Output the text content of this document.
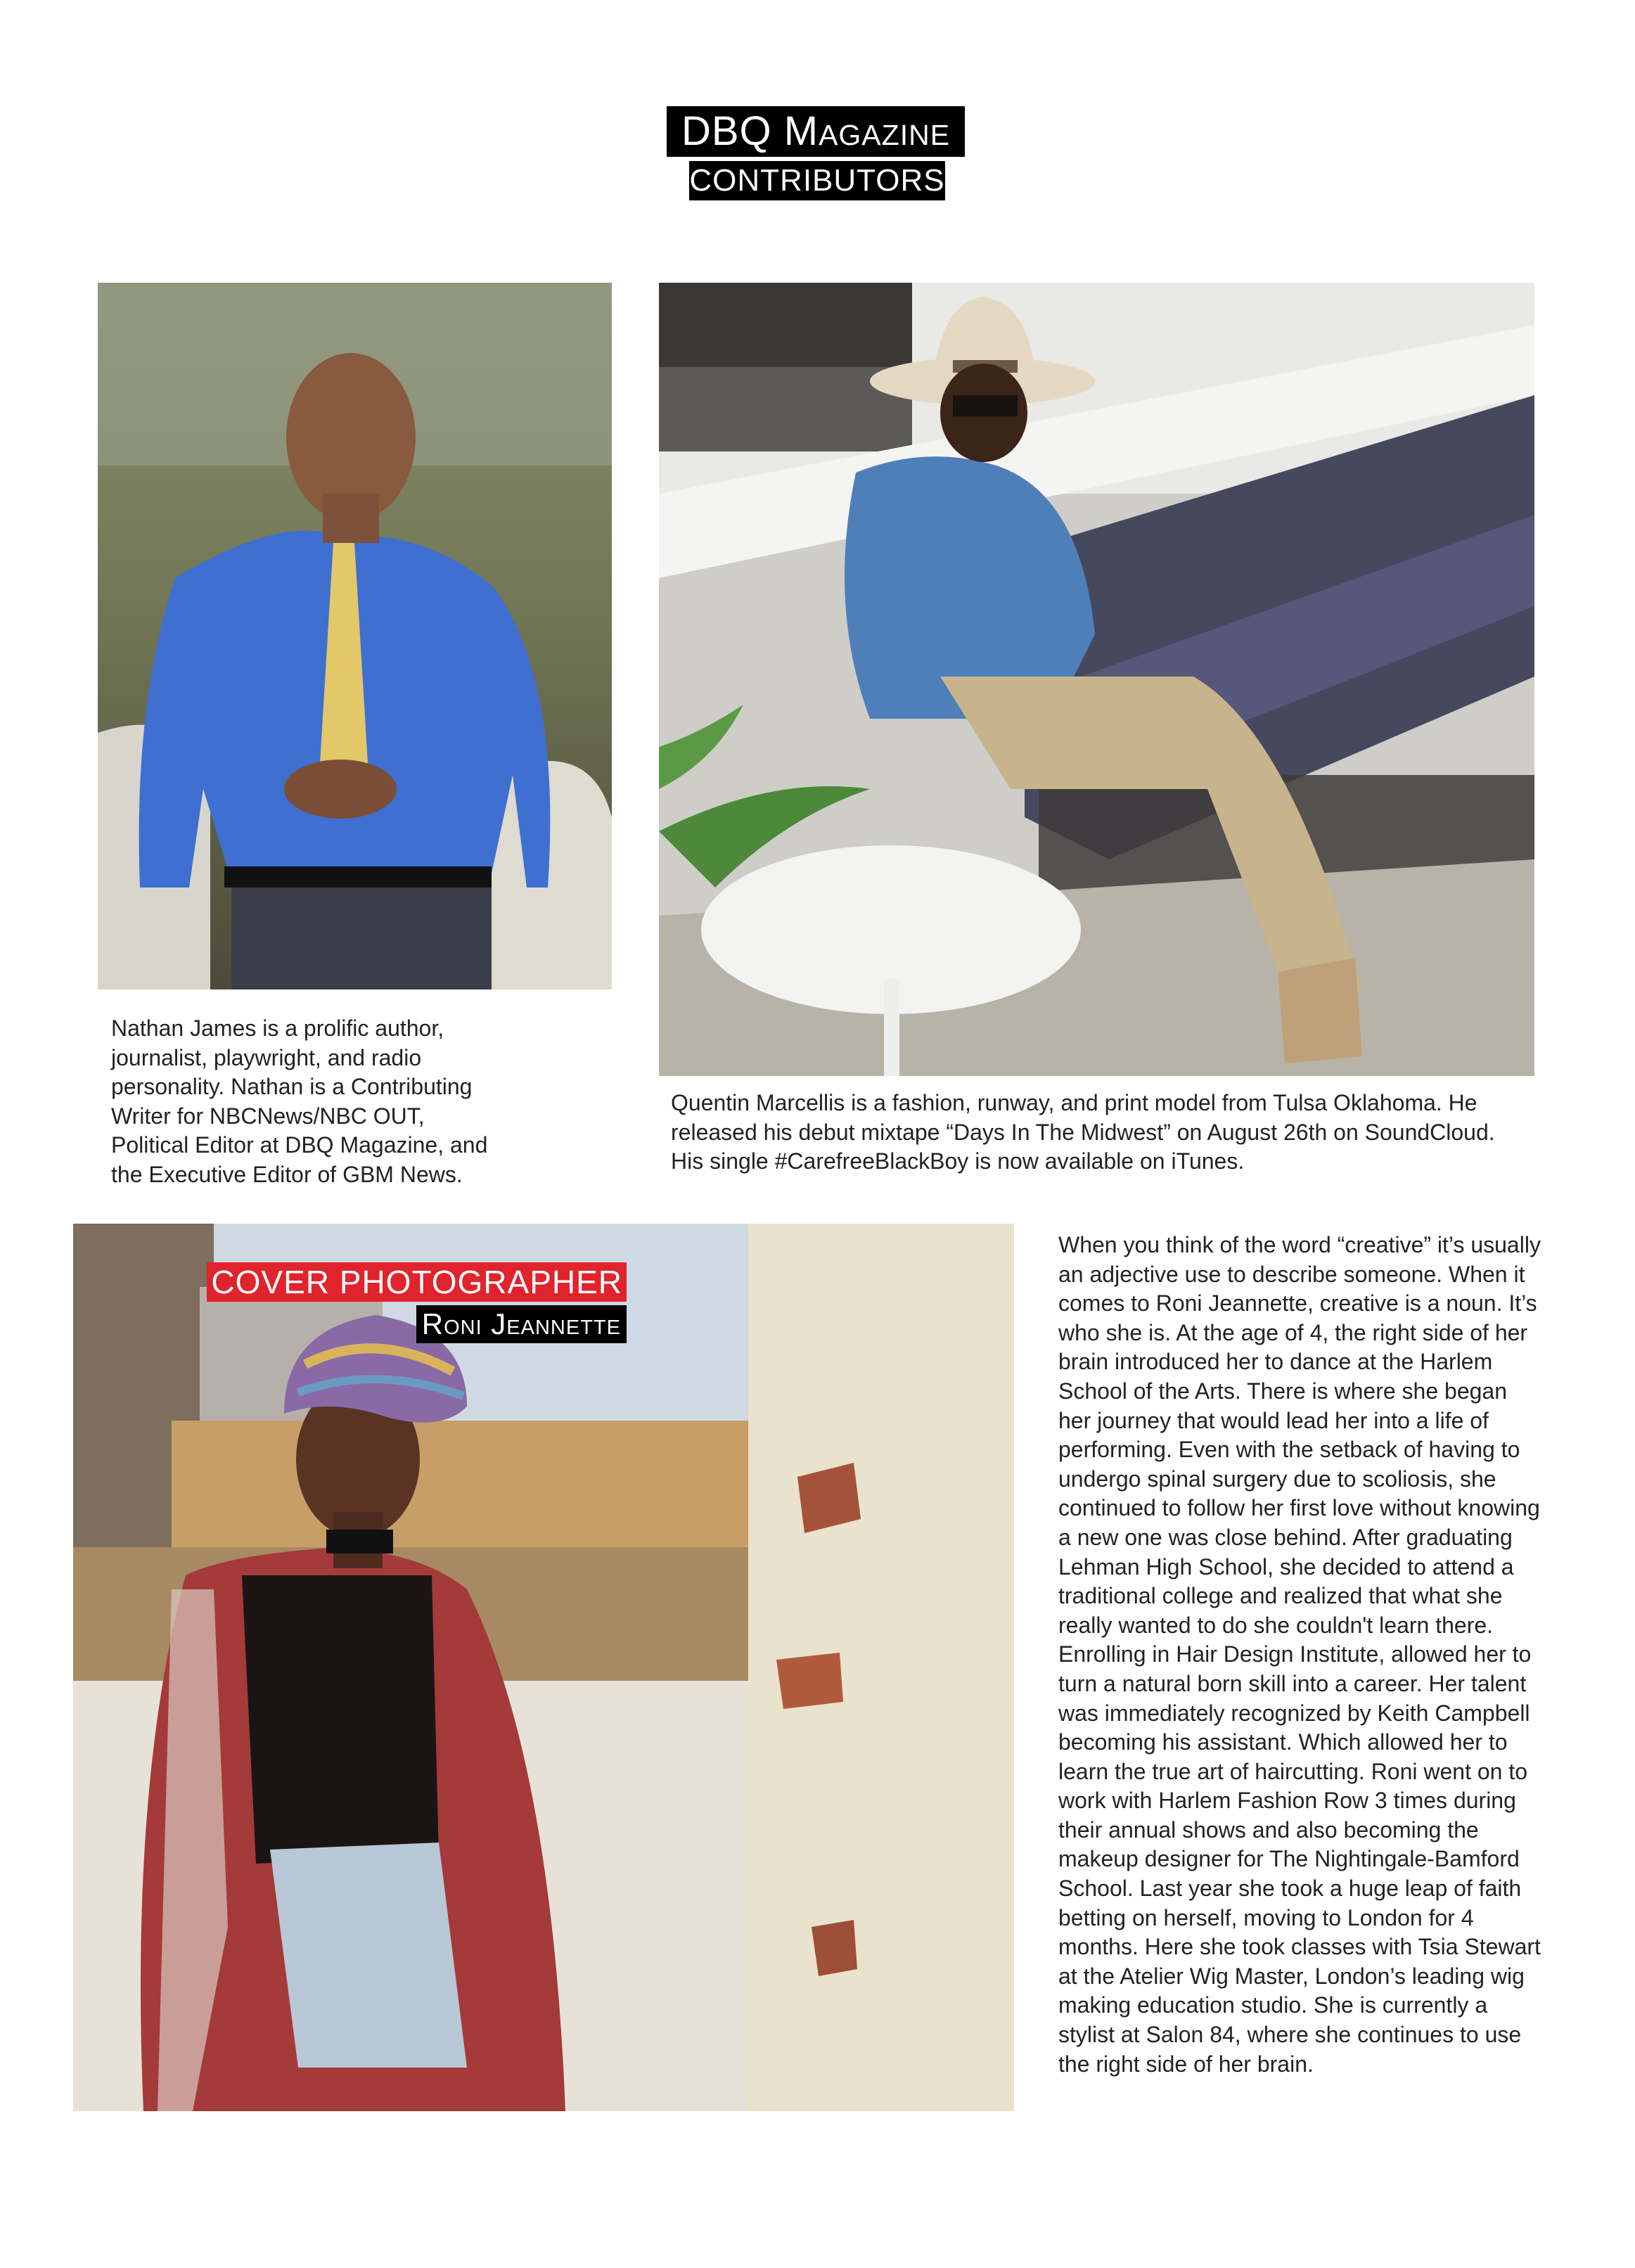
DBQ Magazine
CONTRIBUTORS
Nathan James is a prolific author, journalist, playwright, and radio personality. Nathan is a Contributing Writer for NBCNews/NBC OUT, Political Editor at DBQ Magazine, and the Executive Editor of GBM News.
Quentin Marcellis is a fashion, runway, and print model from Tulsa Oklahoma. He released his debut mixtape “Days In The Midwest” on August 26th on SoundCloud. His single #CarefreeBlackBoy is now available on iTunes.
COVER PHOTOGRAPHER
Roni Jeannette
When you think of the word “creative” it’s usually an adjective use to describe someone. When it comes to Roni Jeannette, creative is a noun. It’s who she is. At the age of 4, the right side of her brain introduced her to dance at the Harlem School of the Arts. There is where she began her journey that would lead her into a life of performing. Even with the setback of having to undergo spinal surgery due to scoliosis, she continued to follow her first love without knowing a new one was close behind. After graduating Lehman High School, she decided to attend a traditional college and realized that what she really wanted to do she couldn't learn there. Enrolling in Hair Design Institute, allowed her to turn a natural born skill into a career. Her talent was immediately recognized by Keith Campbell becoming his assistant. Which allowed her to learn the true art of haircutting. Roni went on to work with Harlem Fashion Row 3 times during their annual shows and also becoming the makeup designer for The Nightingale-Bamford School. Last year she took a huge leap of faith betting on herself, moving to London for 4 months. Here she took classes with Tsia Stewart at the Atelier Wig Master, London’s leading wig making education studio. She is currently a stylist at Salon 84, where she continues to use the right side of her brain.
